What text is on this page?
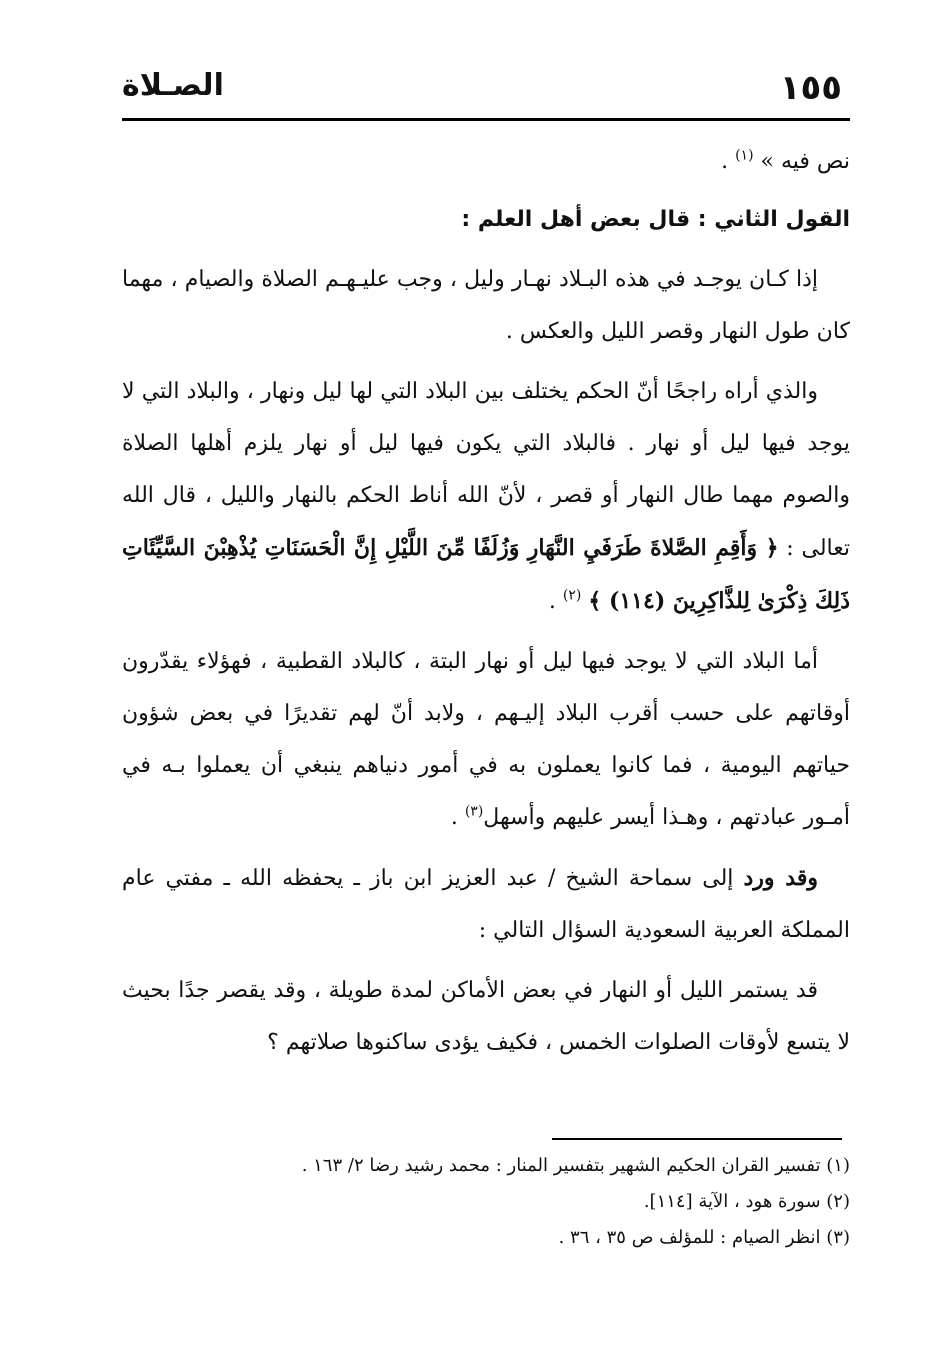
١٥٥
الصـلاة

نص فيه » $^{(١)}$ .

القول الثاني : قال بعض أهل العلم :

إذا كـان يوجـد في هذه البـلاد نهـار وليل ، وجب عليـهـم الصلاة والصيام ، مهما كان طول النهار وقصر الليل والعكس .

والذي أراه راجحًا أنّ الحكم يختلف بين البلاد التي لها ليل ونهار ، والبلاد التي لا يوجد فيها ليل أو نهار . فالبلاد التي يكون فيها ليل أو نهار يلزم أهلها الصلاة والصوم مهما طال النهار أو قصر ، لأنّ الله أناط الحكم بالنهار والليل ، قال الله تعالى : ﴿ وَأَقِمِ الصَّلاةَ طَرَفَيِ النَّهَارِ وَزُلَفًا مِّنَ اللَّيْلِ إِنَّ الْحَسَنَاتِ يُذْهِبْنَ السَّيِّئَاتِ ذَلِكَ ذِكْرَىٰ لِلذَّاكِرِينَ (١١٤) ﴾ $^{(٢)}$ .

أما البلاد التي لا يوجد فيها ليل أو نهار البتة ، كالبلاد القطبية ، فهؤلاء يقدّرون أوقاتهم على حسب أقرب البلاد إليـهم ، ولابد أنّ لهم تقديرًا في بعض شؤون حياتهم اليومية ، فما كانوا يعملون به في أمور دنياهم ينبغي أن يعملوا بـه في أمـور عبادتهم ، وهـذا أيسر عليهم وأسهل$^{(٣)}$ .

وقد ورد إلى سماحة الشيخ / عبد العزيز ابن باز ـ يحفظه الله ـ مفتي عام المملكة العربية السعودية السؤال التالي :

قد يستمر الليل أو النهار في بعض الأماكن لمدة طويلة ، وقد يقصر جدًا بحيث لا يتسع لأوقات الصلوات الخمس ، فكيف يؤدى ساكنوها صلاتهم ؟

(١) تفسير القران الحكيم الشهير بتفسير المنار : محمد رشيد رضا ٢/ ١٦٣ .

(٢) سورة هود ، الآية [١١٤].

(٣) انظر الصيام : للمؤلف ص ٣٥ ، ٣٦ .
